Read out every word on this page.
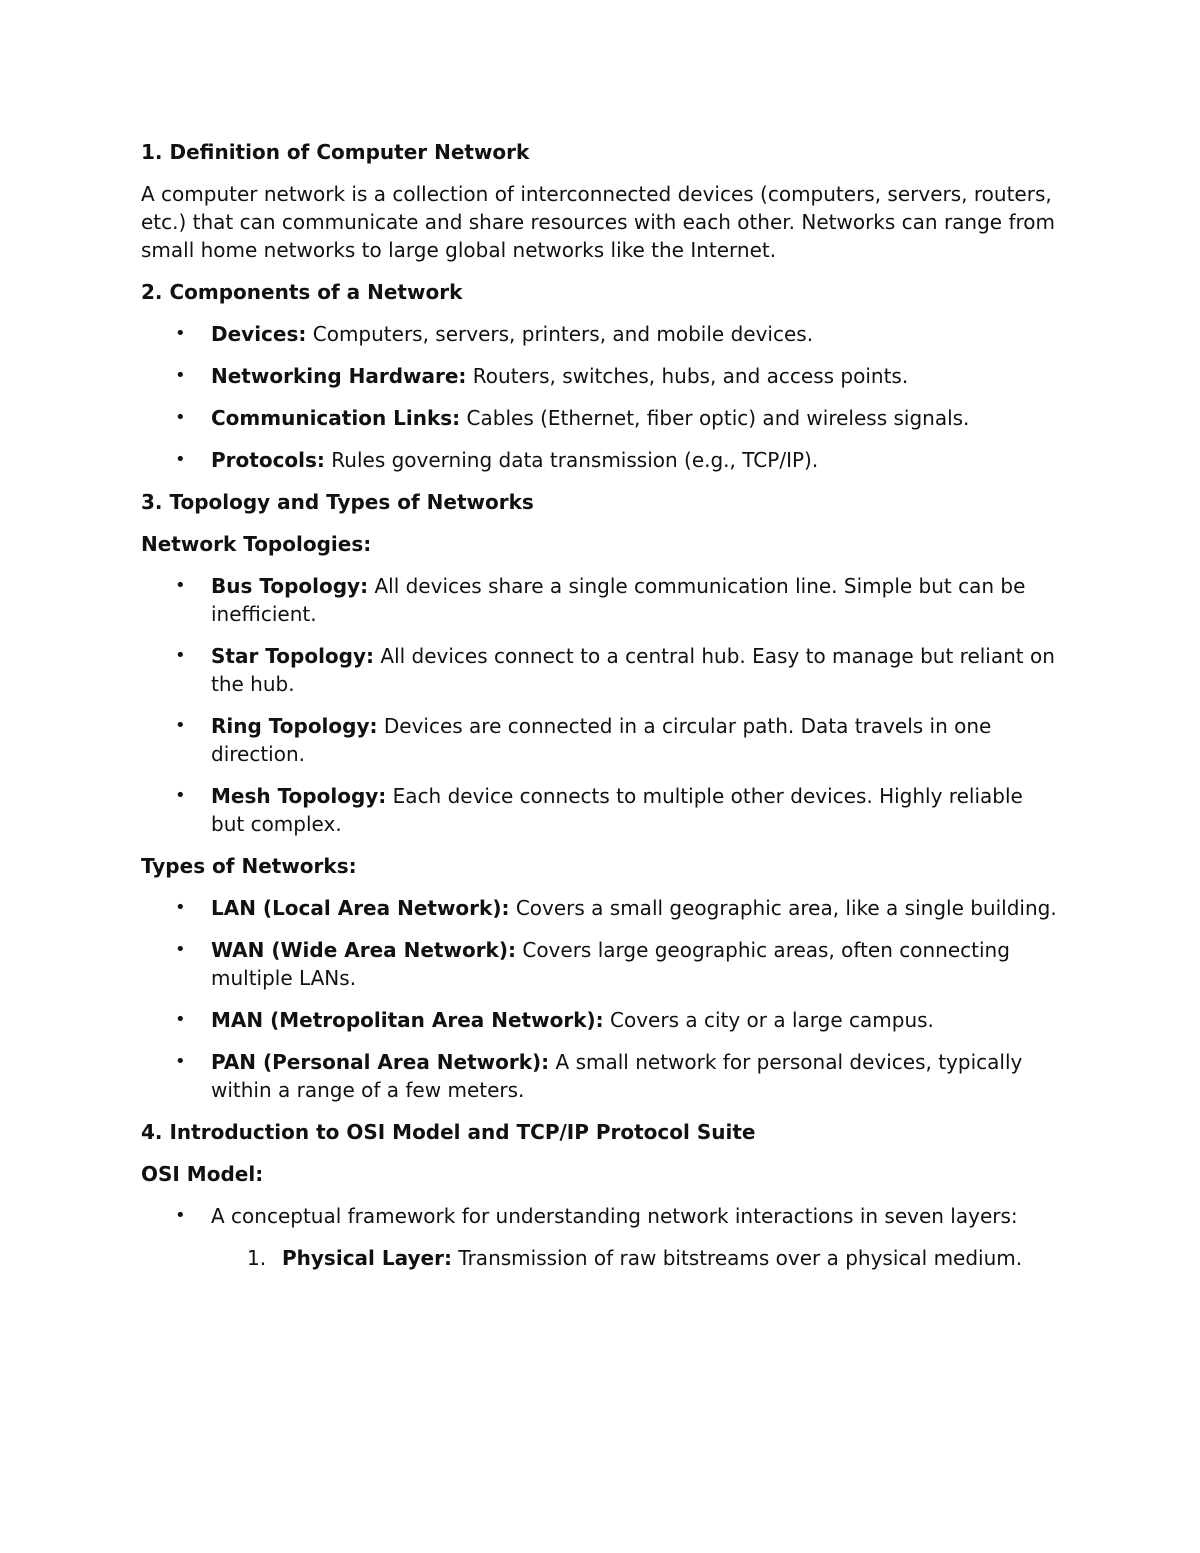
1. Definition of Computer Network

A computer network is a collection of interconnected devices (computers, servers, routers, etc.) that can communicate and share resources with each other. Networks can range from small home networks to large global networks like the Internet.

2. Components of a Network
• Devices: Computers, servers, printers, and mobile devices.
• Networking Hardware: Routers, switches, hubs, and access points.
• Communication Links: Cables (Ethernet, fiber optic) and wireless signals.
• Protocols: Rules governing data transmission (e.g., TCP/IP).
3. Topology and Types of Networks
Network Topologies:
• Bus Topology: All devices share a single communication line. Simple but can be inefficient.
• Star Topology: All devices connect to a central hub. Easy to manage but reliant on the hub.
• Ring Topology: Devices are connected in a circular path. Data travels in one direction.
• Mesh Topology: Each device connects to multiple other devices. Highly reliable but complex.
Types of Networks:
• LAN (Local Area Network): Covers a small geographic area, like a single building.
• WAN (Wide Area Network): Covers large geographic areas, often connecting multiple LANs.
• MAN (Metropolitan Area Network): Covers a city or a large campus.
• PAN (Personal Area Network): A small network for personal devices, typically within a range of a few meters.
4. Introduction to OSI Model and TCP/IP Protocol Suite
OSI Model:
• A conceptual framework for understanding network interactions in seven layers:
1. Physical Layer: Transmission of raw bitstreams over a physical medium.
